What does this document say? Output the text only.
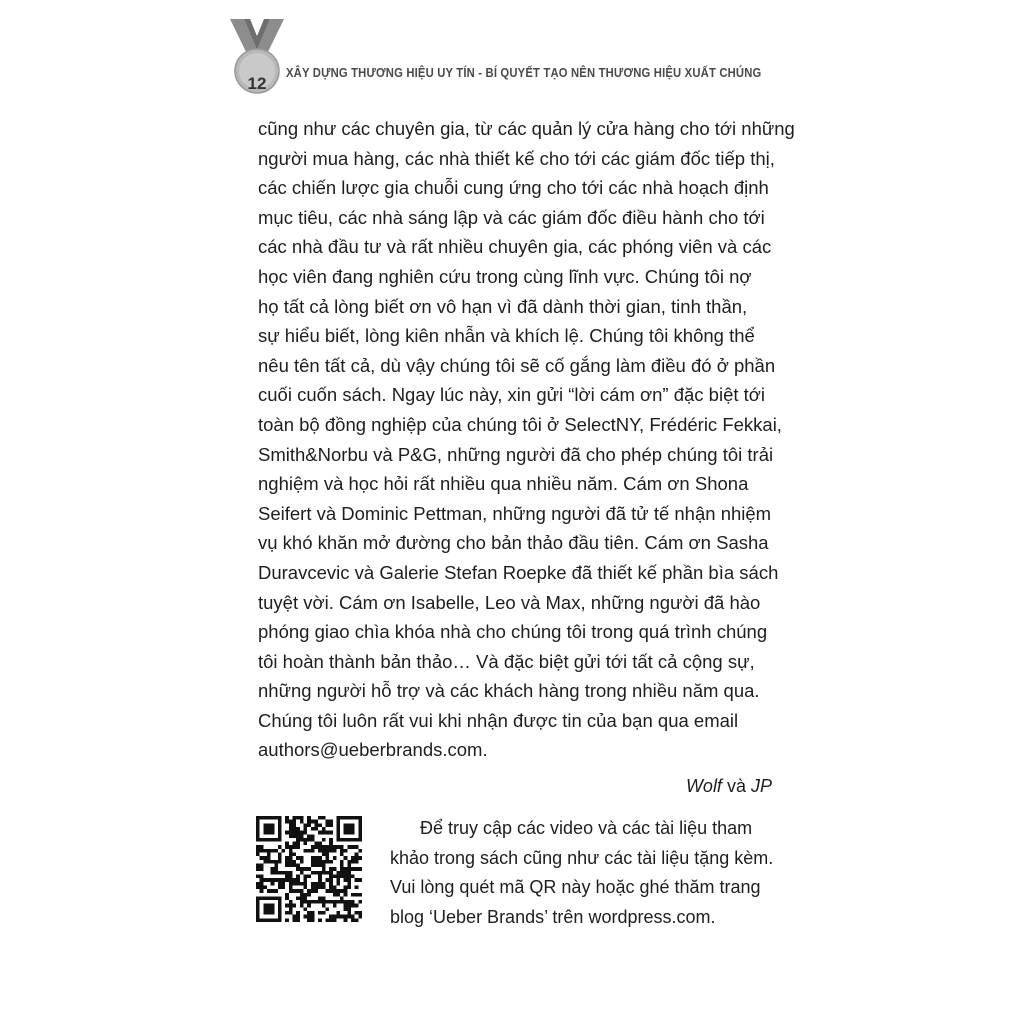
12
XÂY DỰNG THƯƠNG HIỆU UY TÍN - BÍ QUYẾT TẠO NÊN THƯƠNG HIỆU XUẤT CHÚNG
cũng như các chuyên gia, từ các quản lý cửa hàng cho tới những
người mua hàng, các nhà thiết kế cho tới các giám đốc tiếp thị,
các chiến lược gia chuỗi cung ứng cho tới các nhà hoạch định
mục tiêu, các nhà sáng lập và các giám đốc điều hành cho tới
các nhà đầu tư và rất nhiều chuyên gia, các phóng viên và các
học viên đang nghiên cứu trong cùng lĩnh vực. Chúng tôi nợ
họ tất cả lòng biết ơn vô hạn vì đã dành thời gian, tinh thần,
sự hiểu biết, lòng kiên nhẫn và khích lệ. Chúng tôi không thể
nêu tên tất cả, dù vậy chúng tôi sẽ cố gắng làm điều đó ở phần
cuối cuốn sách. Ngay lúc này, xin gửi “lời cám ơn” đặc biệt tới
toàn bộ đồng nghiệp của chúng tôi ở SelectNY, Frédéric Fekkai,
Smith&Norbu và P&G, những người đã cho phép chúng tôi trải
nghiệm và học hỏi rất nhiều qua nhiều năm. Cám ơn Shona
Seifert và Dominic Pettman, những người đã tử tế nhận nhiệm
vụ khó khăn mở đường cho bản thảo đầu tiên. Cám ơn Sasha
Duravcevic và Galerie Stefan Roepke đã thiết kế phần bìa sách
tuyệt vời. Cám ơn Isabelle, Leo và Max, những người đã hào
phóng giao chìa khóa nhà cho chúng tôi trong quá trình chúng
tôi hoàn thành bản thảo… Và đặc biệt gửi tới tất cả cộng sự,
những người hỗ trợ và các khách hàng trong nhiều năm qua.
Chúng tôi luôn rất vui khi nhận được tin của bạn qua email
authors@ueberbrands.com.
Wolf và JP
Để truy cập các video và các tài liệu tham
khảo trong sách cũng như các tài liệu tặng kèm.
Vui lòng quét mã QR này hoặc ghé thăm trang
blog ‘Ueber Brands’ trên wordpress.com.
